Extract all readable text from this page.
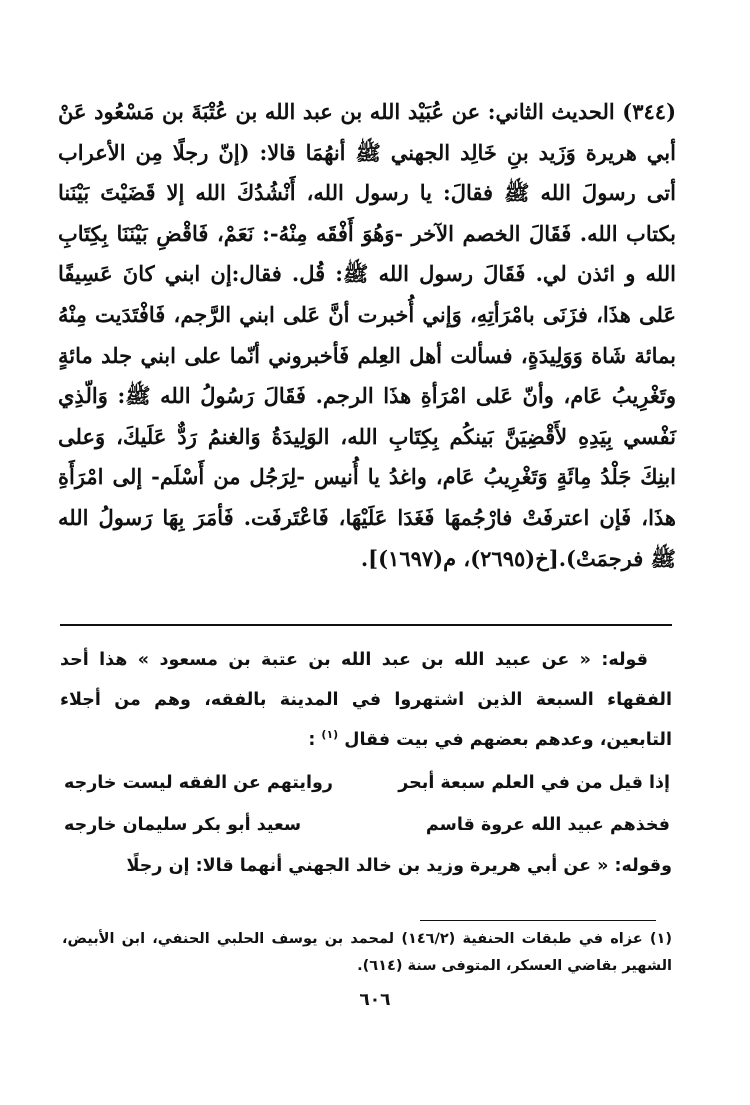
(٣٤٤) الحديث الثاني: عن عُبَيْد الله بن عبد الله بن عُتْبَةَ بن مَسْعُود عَنْ أبي هريرة وَزَيد بنِ خَالِد الجهني ﷺ أنهُمَا قالا: (إنّ رجلًا مِن الأعراب أتى رسولَ الله ﷺ فقالَ: يا رسول الله، أَنْشُدُكَ الله إلا قَضَيْتَ بَيْنَنا بكتاب الله. فَقَالَ الخصم الآخر -وَهُوَ أَفْقَه مِنْهُ-: نَعَمْ، فَاقْضِ بَيْنَنَا بِكِتَابِ الله و ائذن لي. فَقَالَ رسول الله ﷺ: قُل. فقال:إن ابني كانَ عَسِيفًا عَلى هذَا، فزَنَى بامْرَأتِهِ، وَإني أُخبرت أنَّ عَلى ابني الرَّجم، فَافْتَدَيت مِنْهُ بمائة شَاة وَوَلِيدَةٍ، فسألت أهل العِلم فَأخبروني أنّما على ابني جلد مائةٍ وتَغْرِيبُ عَام، وأنّ عَلى امْرَأةِ هذَا الرجم. فَقَالَ رَسُولُ الله ﷺ: وَالّذِي نَفْسي بِيَدِهِ لأَقْضِيَنَّ بَينكُم بِكِتَابِ الله، الوَلِيدَةُ وَالغنمُ رَدٌّ عَلَيكَ، وَعلى ابنِكَ جَلْدُ مِائَةٍ وَتَغْرِيبُ عَام، واغدُ يا أُنيس -لِرَجُل من أَسْلَم- إلى امْرَأَةِ هذَا، فَإن اعترفَتْ فارْجُمهَا فَغَدَا عَلَيْهَا، فَاعْتَرفَت. فَأمَرَ بِهَا رَسولُ الله ﷺ فرجمَتْ).[خ(٢٦٩٥)، م(١٦٩٧)].

قوله: « عن عبيد الله بن عبد الله بن عتبة بن مسعود » هذا أحد الفقهاء السبعة الذين اشتهروا في المدينة بالفقه، وهم من أجلاء التابعين، وعدهم بعضهم في بيت فقال $^{(١)}$ :

إذا قيل من في العلم سبعة أبحر
روايتهم عن الفقه ليست خارجه
فخذهم عبيد الله عروة قاسم
سعيد أبو بكر سليمان خارجه
وقوله: « عن أبي هريرة وزيد بن خالد الجهني أنهما قالا: إن رجلًا
(١) عزاه في طبقات الحنفية (١٤٦/٢) لمحمد بن يوسف الحلبي الحنفي، ابن الأبيض، الشهير بقاضي العسكر، المتوفى سنة (٦١٤).
٦٠٦
